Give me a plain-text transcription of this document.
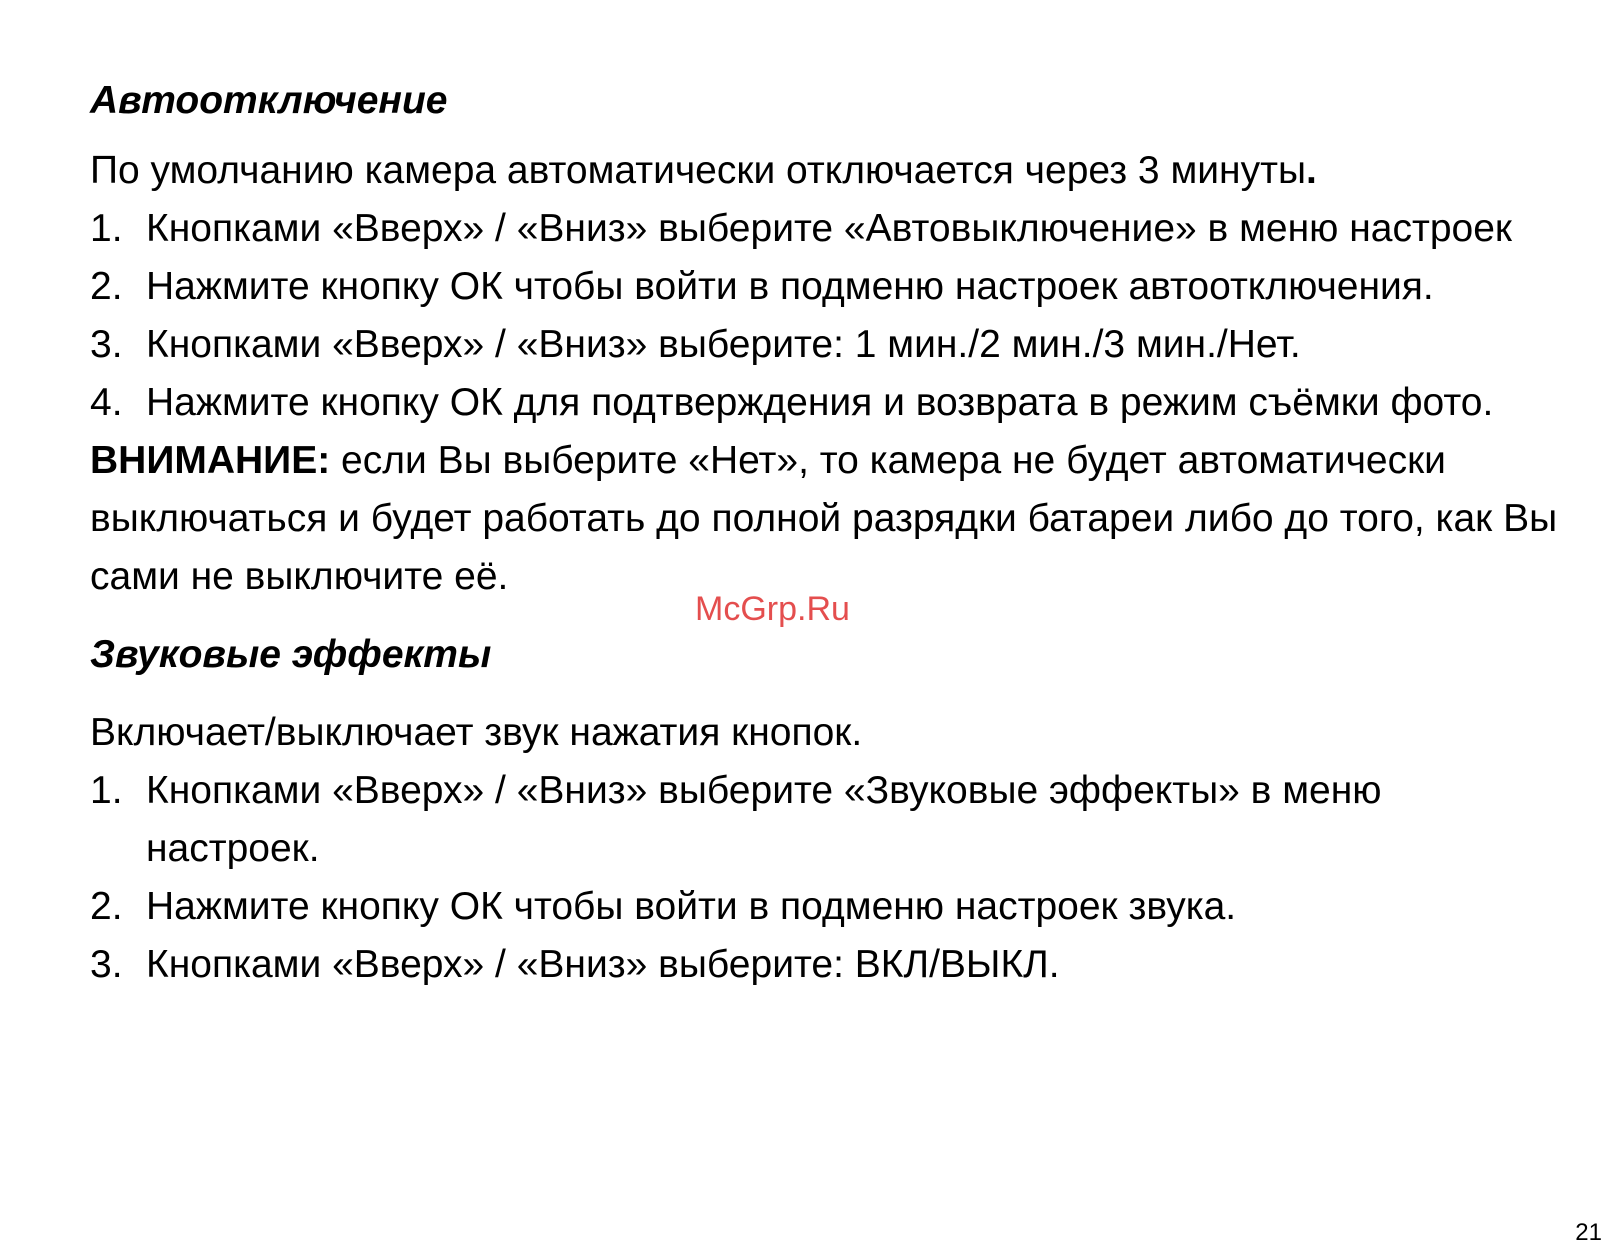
Автоотключение

По умолчанию камера автоматически отключается через 3 минуты.

1. Кнопками «Вверх» / «Вниз» выберите «Автовыключение» в меню настроек
2. Нажмите кнопку ОК чтобы войти в подменю настроек автоотключения.
3. Кнопками «Вверх» / «Вниз» выберите: 1 мин./2 мин./3 мин./Нет.
4. Нажмите кнопку ОК для подтверждения и возврата в режим съёмки фото.

ВНИМАНИЕ: если Вы выберите «Нет», то камера не будет автоматически выключаться и будет работать до полной разрядки батареи либо до того, как Вы сами не выключите её.

Звуковые эффекты

Включает/выключает звук нажатия кнопок.

1. Кнопками «Вверх» / «Вниз» выберите «Звуковые эффекты» в меню настроек.
2. Нажмите кнопку ОК чтобы войти в подменю настроек звука.
3. Кнопками «Вверх» / «Вниз» выберите: ВКЛ/ВЫКЛ.
McGrp.Ru
21
